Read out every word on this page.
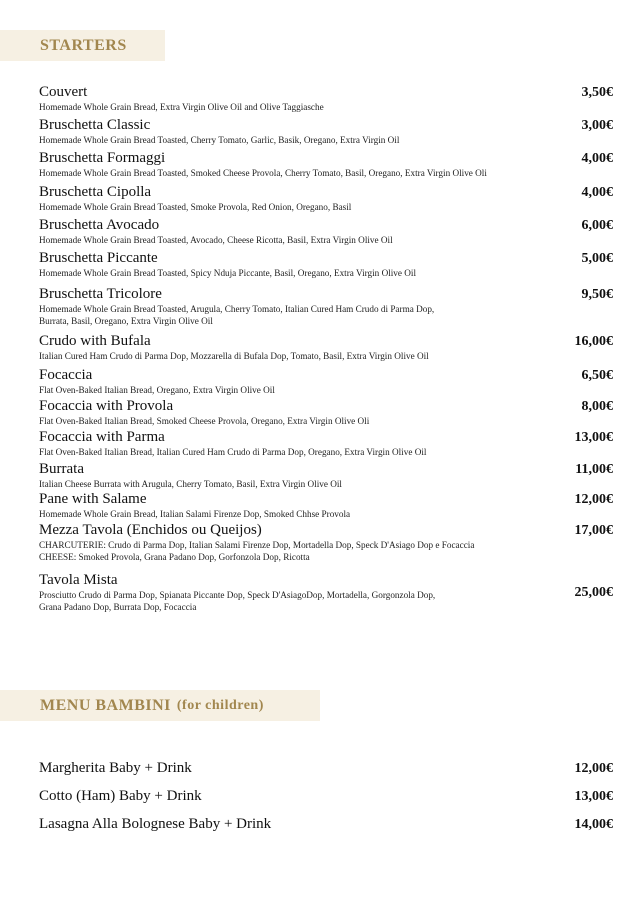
STARTERS
Couvert
Homemade Whole Grain Bread, Extra Virgin Olive Oil and Olive Taggiasche
3,50€
Bruschetta Classic
Homemade Whole Grain Bread Toasted, Cherry Tomato, Garlic, Basik, Oregano, Extra Virgin Oil
3,00€
Bruschetta Formaggi
Homemade Whole Grain Bread Toasted, Smoked Cheese Provola, Cherry Tomato, Basil, Oregano, Extra Virgin Olive Oli
4,00€
Bruschetta Cipolla
Homemade Whole Grain Bread Toasted, Smoke Provola, Red Onion, Oregano, Basil
4,00€
Bruschetta Avocado
Homemade Whole Grain Bread Toasted, Avocado, Cheese Ricotta, Basil, Extra Virgin Olive Oil
6,00€
Bruschetta Piccante
Homemade Whole Grain Bread Toasted, Spicy Nduja Piccante, Basil, Oregano, Extra Virgin Olive Oil
5,00€
Bruschetta Tricolore
Homemade Whole Grain Bread Toasted, Arugula, Cherry Tomato, Italian Cured Ham Crudo di Parma Dop,
Burrata, Basil, Oregano, Extra Virgin Olive Oil
9,50€
Crudo with Bufala
Italian Cured Ham Crudo di Parma Dop, Mozzarella di Bufala Dop, Tomato, Basil, Extra Virgin Olive Oil
16,00€
Focaccia
Flat Oven-Baked Italian Bread, Oregano, Extra Virgin Olive Oil
6,50€
Focaccia with Provola
Flat Oven-Baked Italian Bread, Smoked Cheese Provola, Oregano, Extra Virgin Olive Oli
8,00€
Focaccia with Parma
Flat Oven-Baked Italian Bread, Italian Cured Ham Crudo di Parma Dop, Oregano, Extra Virgin Olive Oil
13,00€
Burrata
Italian Cheese Burrata with Arugula, Cherry Tomato, Basil, Extra Virgin Olive Oil
11,00€
Pane with Salame
Homemade Whole Grain Bread, Italian Salami Firenze Dop, Smoked Chhse Provola
12,00€
Mezza Tavola (Enchidos ou Queijos)
CHARCUTERIE: Crudo di Parma Dop, Italian Salami Firenze Dop, Mortadella Dop, Speck D'Asiago Dop e Focaccia
CHEESE: Smoked Provola, Grana Padano Dop, Gorfonzola Dop, Ricotta
17,00€
Tavola Mista
Prosciutto Crudo di Parma Dop, Spianata Piccante Dop, Speck D'AsiagoDop, Mortadella, Gorgonzola Dop,
Grana Padano Dop, Burrata Dop, Focaccia
25,00€
MENU BAMBINI (for children)
Margherita Baby + Drink	12,00€
Cotto (Ham) Baby + Drink	13,00€
Lasagna Alla Bolognese Baby + Drink	14,00€
